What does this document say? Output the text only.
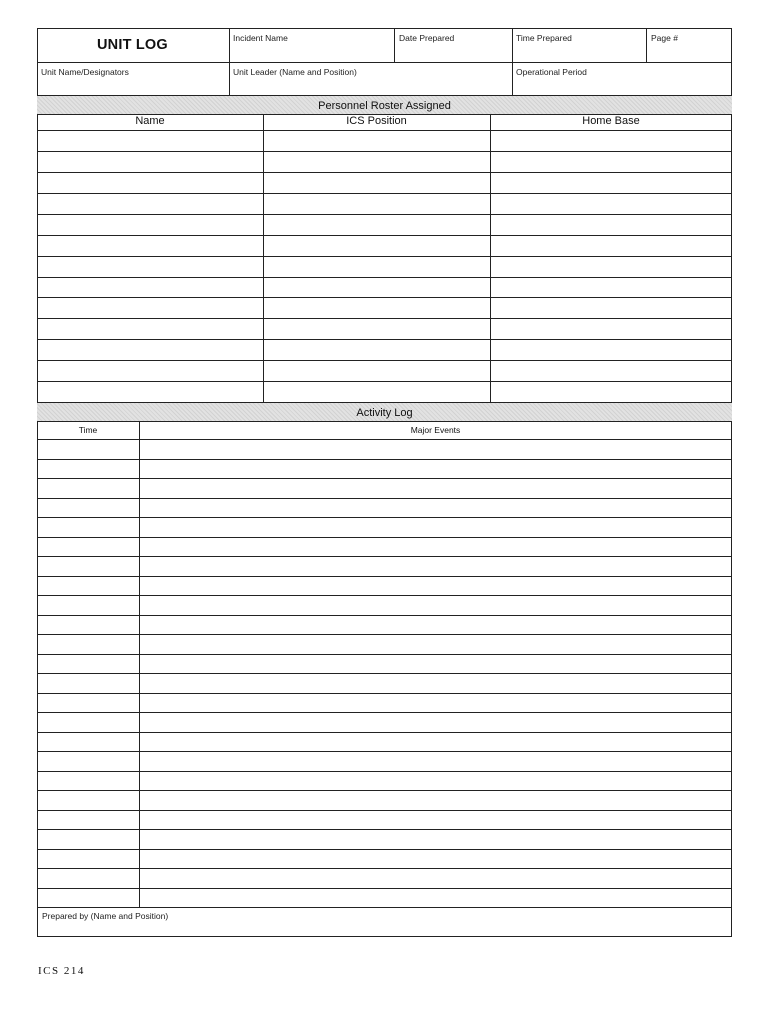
UNIT LOG	Incident Name	Date Prepared	Time Prepared	Page #
Unit Name/Designators	Unit Leader (Name and Position)	Operational Period
Personnel Roster Assigned
Name	ICS Position	Home Base
Activity Log
Time	Major Events
Prepared by (Name and Position)
ICS 214
